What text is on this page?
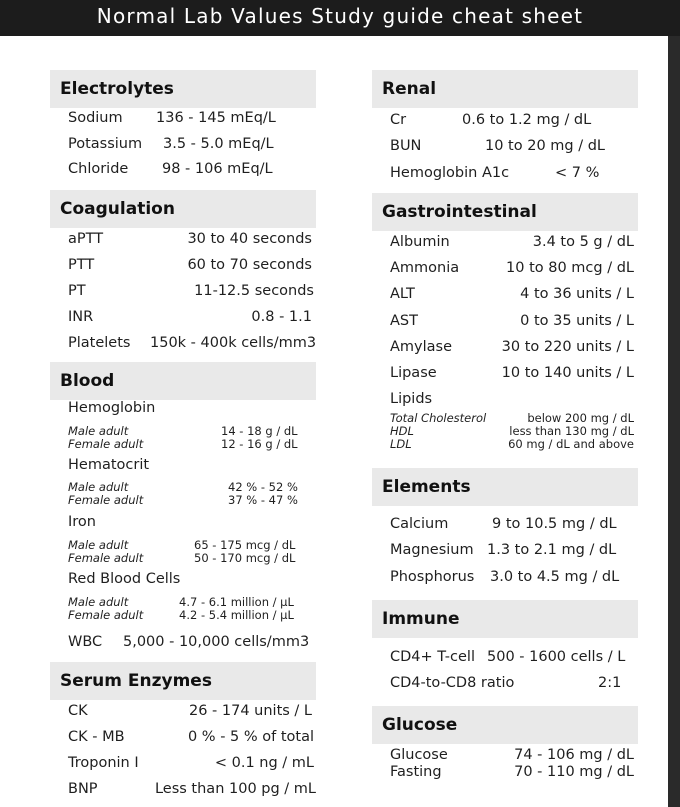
Normal Lab Values Study guide cheat sheet
Electrolytes
Sodium 136 - 145 mEq/L
Potassium 3.5 - 5.0 mEq/L
Chloride 98 - 106 mEq/L
Coagulation
aPTT	30 to 40 seconds
PTT	60 to 70 seconds
PT	11-12.5 seconds
INR	0.8 - 1.1
Platelets 150k - 400k cells/mm3
Blood
Hemoglobin
Male adult	14 - 18 g / dL
Female adult	12 - 16 g / dL
Hematocrit
Male adult	42 % - 52 %
Female adult	37 % - 47 %
Iron
Male adult	65 - 175 mcg / dL
Female adult	50 - 170 mcg / dL
Red Blood Cells
Male adult	4.7 - 6.1 million / μL
Female adult	4.2 - 5.4 million / μL
WBC 5,000 - 10,000 cells/mm3
Serum Enzymes
CK	26 - 174 units / L
CK - MB	0 % - 5 % of total
Troponin I	< 0.1 ng / mL
BNP	Less than 100 pg / mL
Renal
Cr	0.6 to 1.2 mg / dL
BUN	10 to 20 mg / dL
Hemoglobin A1c	< 7 %
Gastrointestinal
Albumin	3.4 to 5 g / dL
Ammonia	10 to 80 mcg / dL
ALT	4 to 36 units / L
AST	0 to 35 units / L
Amylase	30 to 220 units / L
Lipase	10 to 140 units / L
Lipids
Total Cholesterol	below 200 mg / dL
HDL	less than 130 mg / dL
LDL	60 mg / dL and above
Elements
Calcium	9 to 10.5 mg / dL
Magnesium 1.3 to 2.1 mg / dL
Phosphorus 3.0 to 4.5 mg / dL
Immune
CD4+ T-cell 500 - 1600 cells / L
CD4-to-CD8 ratio	2:1
Glucose
Glucose	74 - 106 mg / dL
Fasting	70 - 110 mg / dL
